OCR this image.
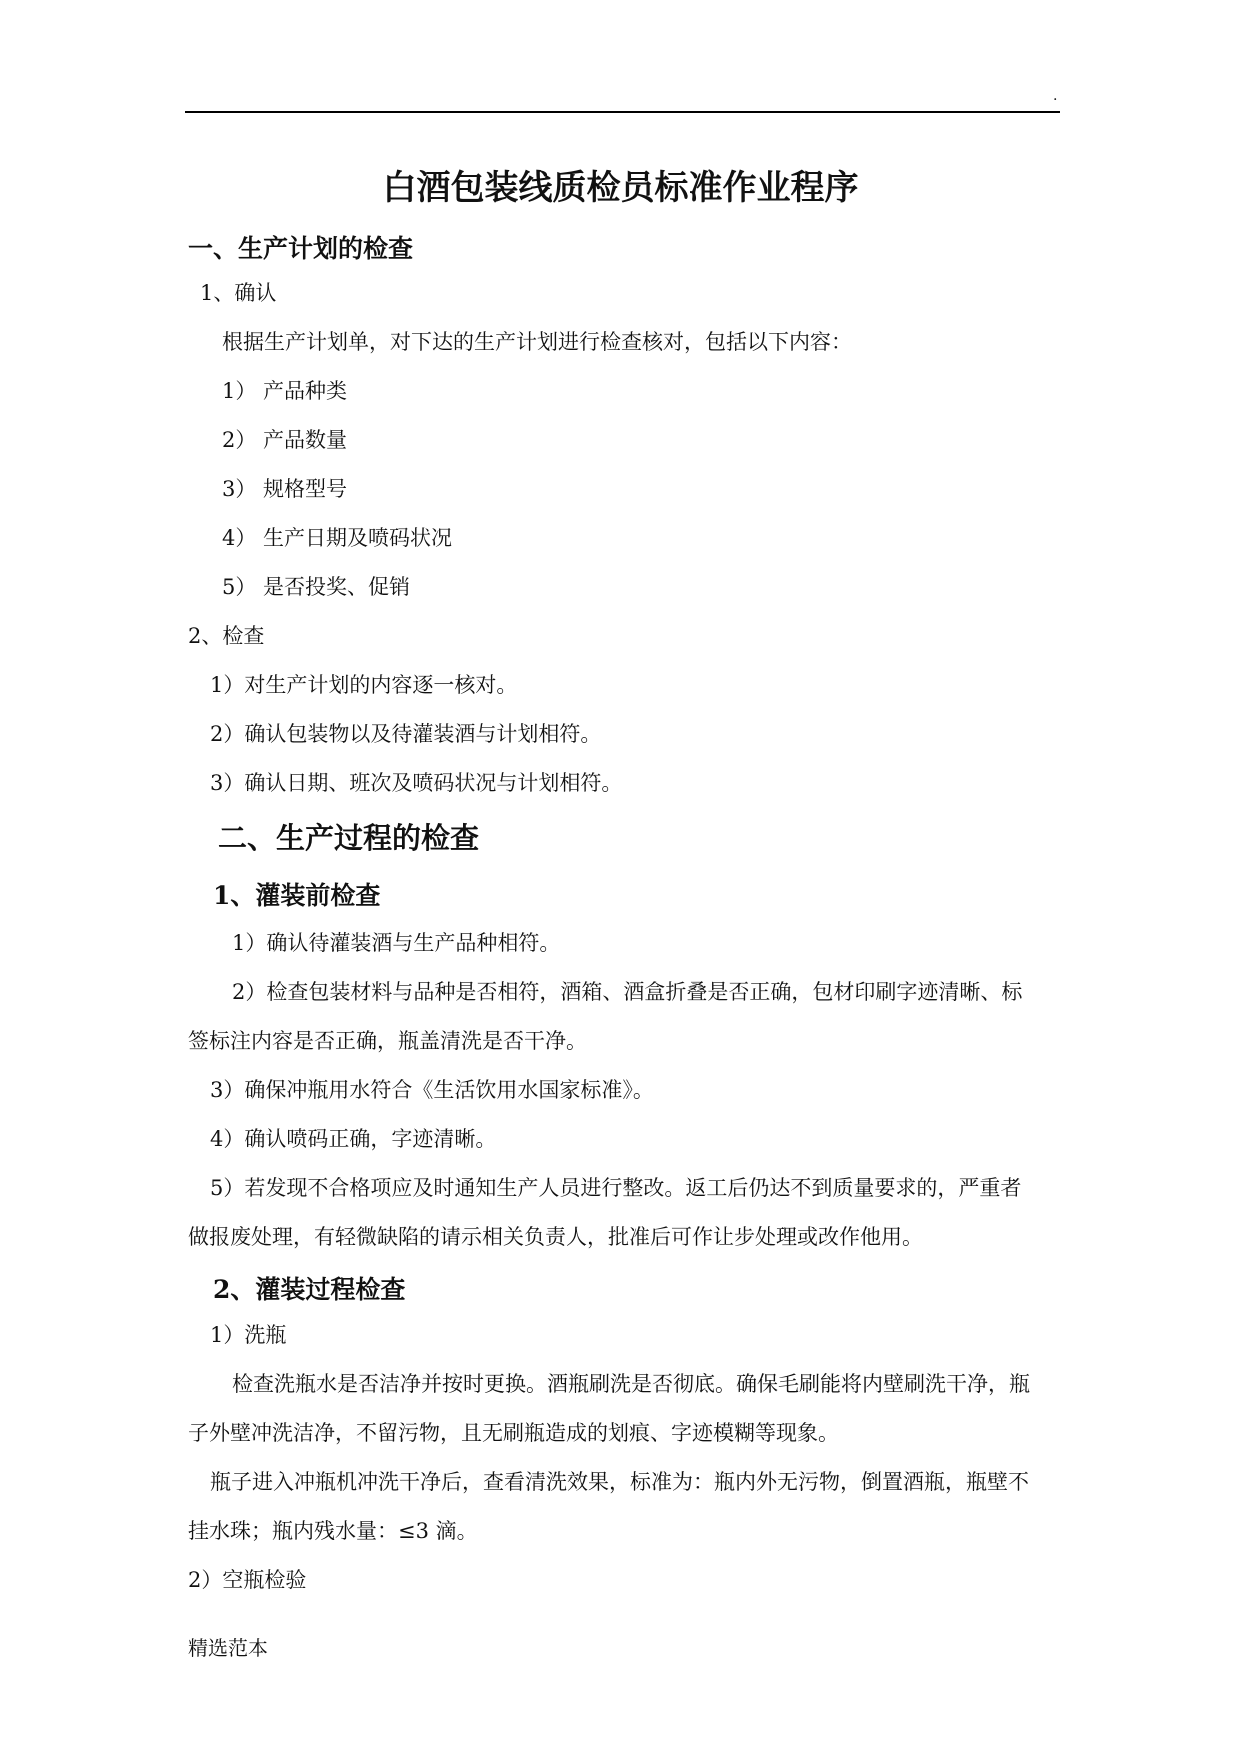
.
白酒包装线质检员标准作业程序
一、生产计划的检查
1、确认
根据生产计划单，对下达的生产计划进行检查核对，包括以下内容：
1） 产品种类
2） 产品数量
3） 规格型号
4） 生产日期及喷码状况
5） 是否投奖、促销
2、检查
1）对生产计划的内容逐一核对。
2）确认包装物以及待灌装酒与计划相符。
3）确认日期、班次及喷码状况与计划相符。
二、生产过程的检查
1、灌装前检查
1）确认待灌装酒与生产品种相符。
2）检查包装材料与品种是否相符，酒箱、酒盒折叠是否正确，包材印刷字迹清晰、标
签标注内容是否正确，瓶盖清洗是否干净。
3）确保冲瓶用水符合《生活饮用水国家标准》。
4）确认喷码正确，字迹清晰。
5）若发现不合格项应及时通知生产人员进行整改。返工后仍达不到质量要求的，严重者
做报废处理，有轻微缺陷的请示相关负责人，批准后可作让步处理或改作他用。
2、灌装过程检查
1）洗瓶
检查洗瓶水是否洁净并按时更换。酒瓶刷洗是否彻底。确保毛刷能将内壁刷洗干净，瓶
子外壁冲洗洁净，不留污物，且无刷瓶造成的划痕、字迹模糊等现象。
瓶子进入冲瓶机冲洗干净后，查看清洗效果，标准为：瓶内外无污物，倒置酒瓶，瓶壁不
挂水珠；瓶内残水量：≤3 滴。
2）空瓶检验
精选范本
